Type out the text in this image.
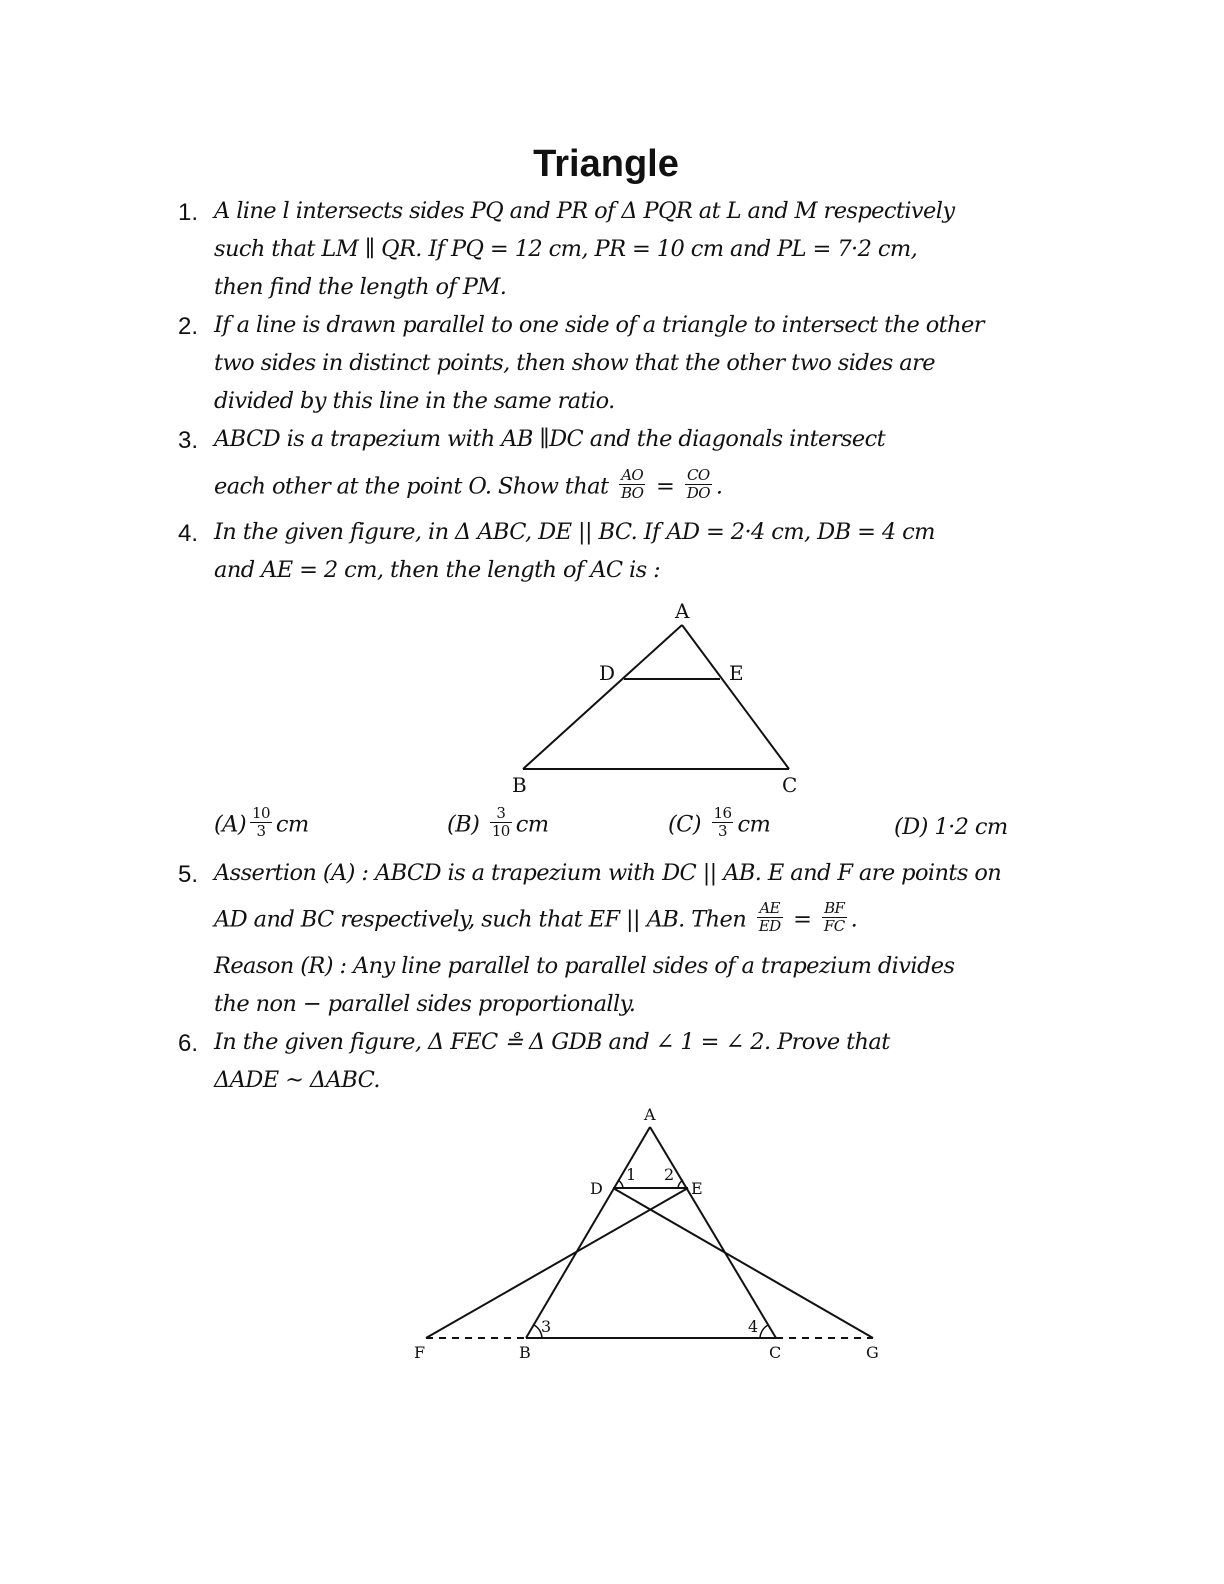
Triangle
1. A line l intersects sides PQ and PR of Δ PQR at L and M respectively
such that LM ∥ QR. If PQ = 12 cm, PR = 10 cm and PL = 7·2 cm,
then find the length of PM.
2. If a line is drawn parallel to one side of a triangle to intersect the other
two sides in distinct points, then show that the other two sides are
divided by this line in the same ratio.
3. ABCD is a trapezium with AB ∥DC and the diagonals intersect
each other at the point O. Show that $\frac{AO}{BO} = \frac{CO}{DO}$ .
4. In the given figure, in Δ ABC, DE || BC. If AD = 2·4 cm, DB = 4 cm
and AE = 2 cm, then the length of AC is :
A
D	E
B	C
A
D	E
F	B	C	G
1 2
3	4
$(A) \frac{10}{3}$ cm	$(B) \frac{3}{10}$ cm	$(C) \frac{16}{3}$ cm	(D) 1·2 cm
5. Assertion (A) : ABCD is a trapezium with DC || AB. E and F are points on
AD and BC respectively, such that EF || AB. Then $\frac{AE}{ED} = \frac{BF}{FC}$ .
Reason (R) : Any line parallel to parallel sides of a trapezium divides
the non − parallel sides proportionally.
6. In the given figure, Δ FEC ≗ Δ GDB and ∠ 1 = ∠ 2. Prove that
ΔADE ~ ΔABC.
